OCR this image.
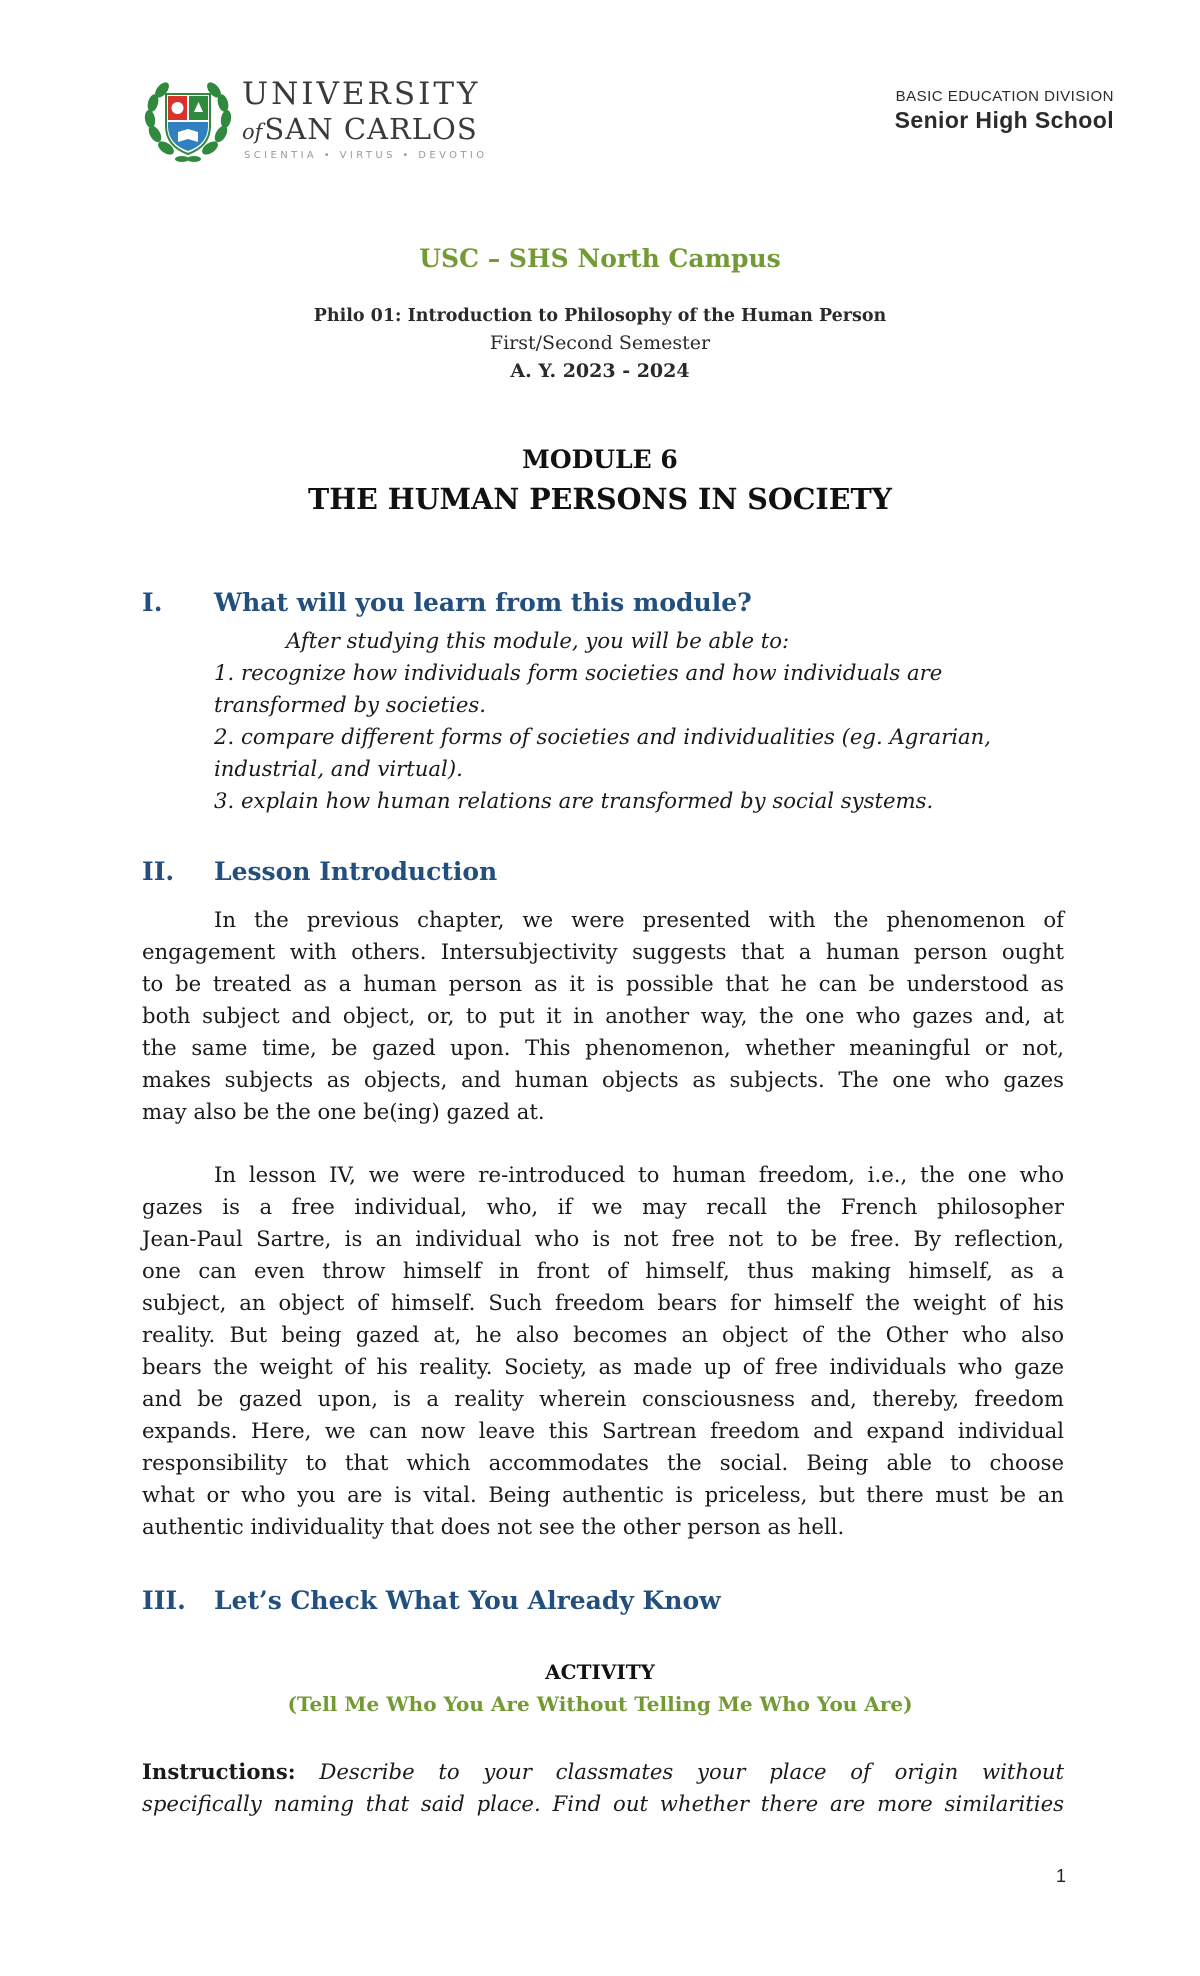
UNIVERSITY
ofSAN CARLOS
SCIENTIA • VIRTUS • DEVOTIO
BASIC EDUCATION DIVISION
Senior High School
USC – SHS North Campus
Philo 01: Introduction to Philosophy of the Human Person
First/Second Semester
A. Y. 2023 - 2024
MODULE 6
THE HUMAN PERSONS IN SOCIETY
I. What will you learn from this module?
After studying this module, you will be able to:
1. recognize how individuals form societies and how individuals are
transformed by societies.
2. compare different forms of societies and individualities (eg. Agrarian,
industrial, and virtual).
3. explain how human relations are transformed by social systems.
II. Lesson Introduction
In the previous chapter, we were presented with the phenomenon of
engagement with others. Intersubjectivity suggests that a human person ought
to be treated as a human person as it is possible that he can be understood as
both subject and object, or, to put it in another way, the one who gazes and, at
the same time, be gazed upon. This phenomenon, whether meaningful or not,
makes subjects as objects, and human objects as subjects. The one who gazes
may also be the one be(ing) gazed at.
In lesson IV, we were re-introduced to human freedom, i.e., the one who
gazes is a free individual, who, if we may recall the French philosopher
Jean-Paul Sartre, is an individual who is not free not to be free. By reflection,
one can even throw himself in front of himself, thus making himself, as a
subject, an object of himself. Such freedom bears for himself the weight of his
reality. But being gazed at, he also becomes an object of the Other who also
bears the weight of his reality. Society, as made up of free individuals who gaze
and be gazed upon, is a reality wherein consciousness and, thereby, freedom
expands. Here, we can now leave this Sartrean freedom and expand individual
responsibility to that which accommodates the social. Being able to choose
what or who you are is vital. Being authentic is priceless, but there must be an
authentic individuality that does not see the other person as hell.
III. Let’s Check What You Already Know
ACTIVITY
(Tell Me Who You Are Without Telling Me Who You Are)
Instructions: Describe to your classmates your place of origin without
specifically naming that said place. Find out whether there are more similarities
1
